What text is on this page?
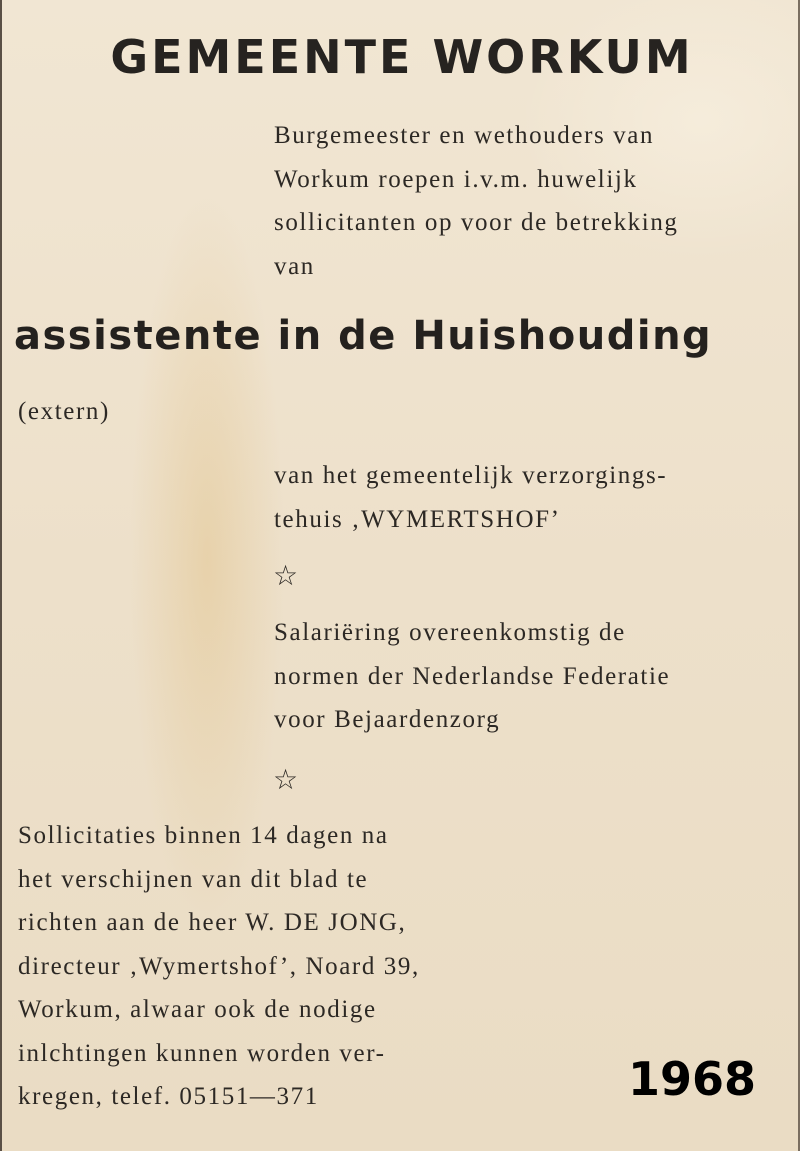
GEMEENTE WORKUM
Burgemeester en wethouders van
Workum roepen i.v.m. huwelijk
sollicitanten op voor de betrekking
van
assistente in de Huishouding
(extern)
van het gemeentelijk verzorgings-
tehuis ‚WYMERTSHOF’
☆
Salariëring overeenkomstig de
normen der Nederlandse Federatie
voor Bejaardenzorg
☆
Sollicitaties binnen 14 dagen na
het verschijnen van dit blad te
richten aan de heer W. DE JONG,
directeur ‚Wymertshof’, Noard 39,
Workum, alwaar ook de nodige
inlchtingen kunnen worden ver-
kregen, telef. 05151—371	1968
